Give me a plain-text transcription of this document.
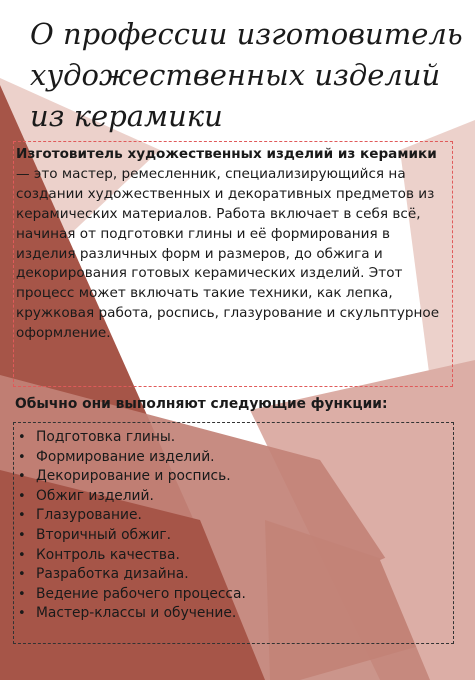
О профессии изготовитель
художественных изделий
из керамики
Изготовитель художественных изделий из керамики — это мастер, ремесленник, специализирующийся на создании художественных и декоративных предметов из керамических материалов. Работа включает в себя всё, начиная от подготовки глины и её формирования в изделия различных форм и размеров, до обжига и декорирования готовых керамических изделий. Этот процесс может включать такие техники, как лепка, кружковая работа, роспись, глазурование и скульптурное оформление.
Обычно они выполняют следующие функции:
• Подготовка глины.
• Формирование изделий.
• Декорирование и роспись.
• Обжиг изделий.
• Глазурование.
• Вторичный обжиг.
• Контроль качества.
• Разработка дизайна.
• Ведение рабочего процесса.
• Мастер-классы и обучение.
